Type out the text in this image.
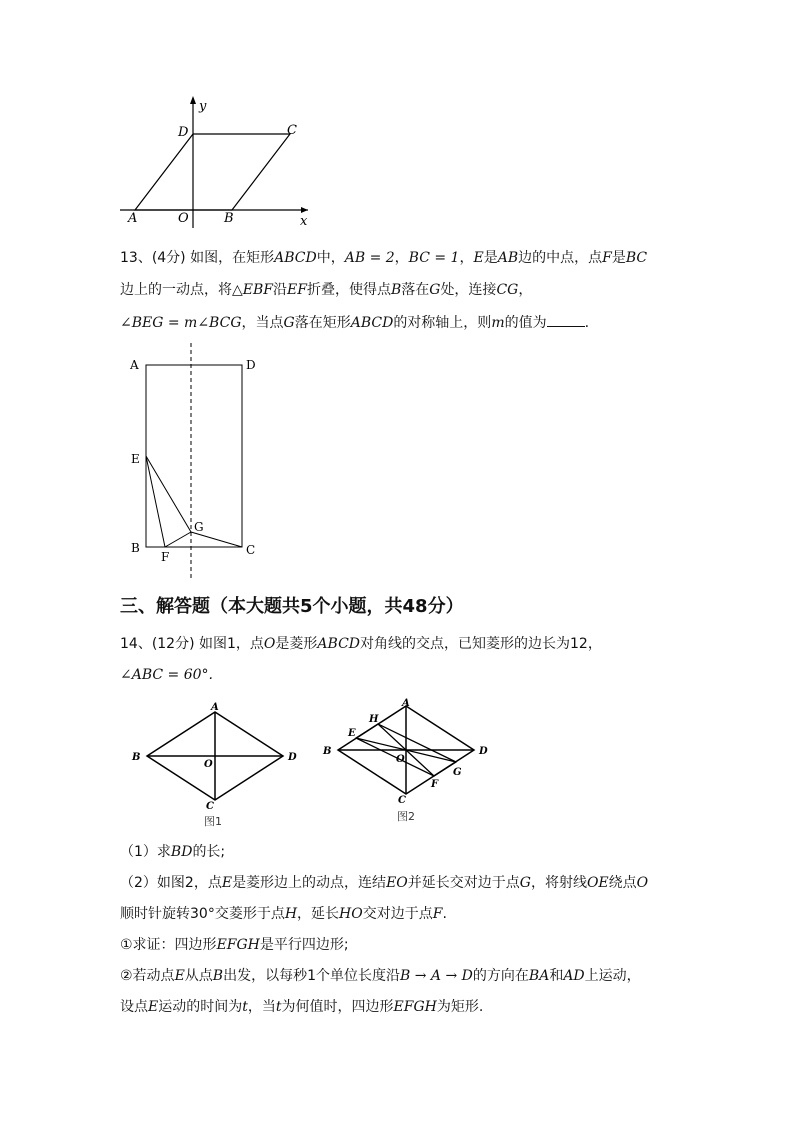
y
x
D	C
A	O	B
13、(4分) 如图，在矩形ABCD中，AB = 2，BC = 1，E是AB边的中点，点F是BC
边上的一动点，将△EBF沿EF折叠，使得点B落在G处，连接CG，
∠BEG = m∠BCG，当点G落在矩形ABCD的对称轴上，则m的值为	.
A	D
E
G
B
F	C
三、解答题（本大题共5个小题，共48分）
14、(12分) 如图1，点O是菱形ABCD对角线的交点，已知菱形的边长为12，
∠ABC = 60°.
A
B	D
C
O
图1
A
B	D
C
O
E
H
G
F
图2
（1）求BD的长;
（2）如图2，点E是菱形边上的动点，连结EO并延长交对边于点G，将射线OE绕点O
顺时针旋转30°交菱形于点H，延长HO交对边于点F.
①求证：四边形EFGH是平行四边形;
②若动点E从点B出发，以每秒1个单位长度沿B → A → D的方向在BA和AD上运动，
设点E运动的时间为t，当t为何值时，四边形EFGH为矩形.
